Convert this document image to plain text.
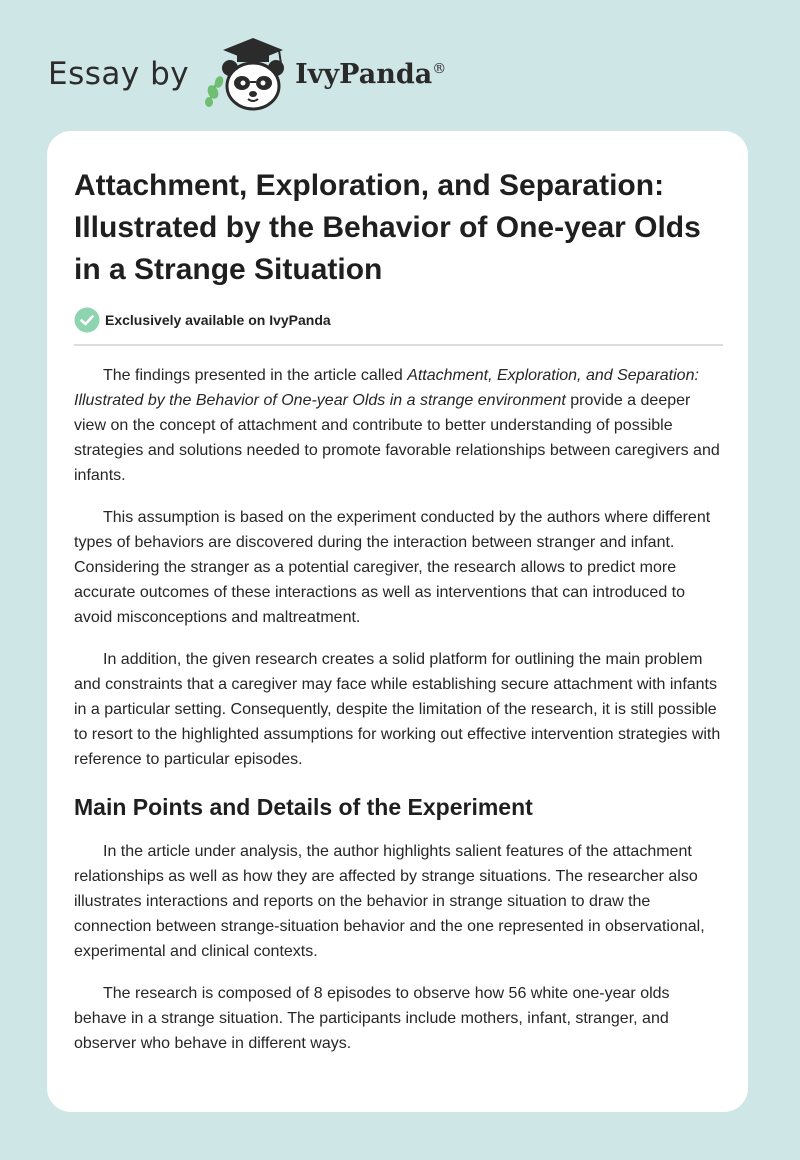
Essay by	IvyPanda®
Attachment, Exploration, and Separation: Illustrated by the Behavior of One-year Olds in a Strange Situation
Exclusively available on IvyPanda

The findings presented in the article called Attachment, Exploration, and Separation: Illustrated by the Behavior of One-year Olds in a strange environment provide a deeper view on the concept of attachment and contribute to better understanding of possible strategies and solutions needed to promote favorable relationships between caregivers and infants.

This assumption is based on the experiment conducted by the authors where different types of behaviors are discovered during the interaction between stranger and infant. Considering the stranger as a potential caregiver, the research allows to predict more accurate outcomes of these interactions as well as interventions that can introduced to avoid misconceptions and maltreatment.

In addition, the given research creates a solid platform for outlining the main problem and constraints that a caregiver may face while establishing secure attachment with infants in a particular setting. Consequently, despite the limitation of the research, it is still possible to resort to the highlighted assumptions for working out effective intervention strategies with reference to particular episodes.

Main Points and Details of the Experiment

In the article under analysis, the author highlights salient features of the attachment relationships as well as how they are affected by strange situations. The researcher also illustrates interactions and reports on the behavior in strange situation to draw the connection between strange-situation behavior and the one represented in observational, experimental and clinical contexts.

The research is composed of 8 episodes to observe how 56 white one-year olds behave in a strange situation. The participants include mothers, infant, stranger, and observer who behave in different ways.
